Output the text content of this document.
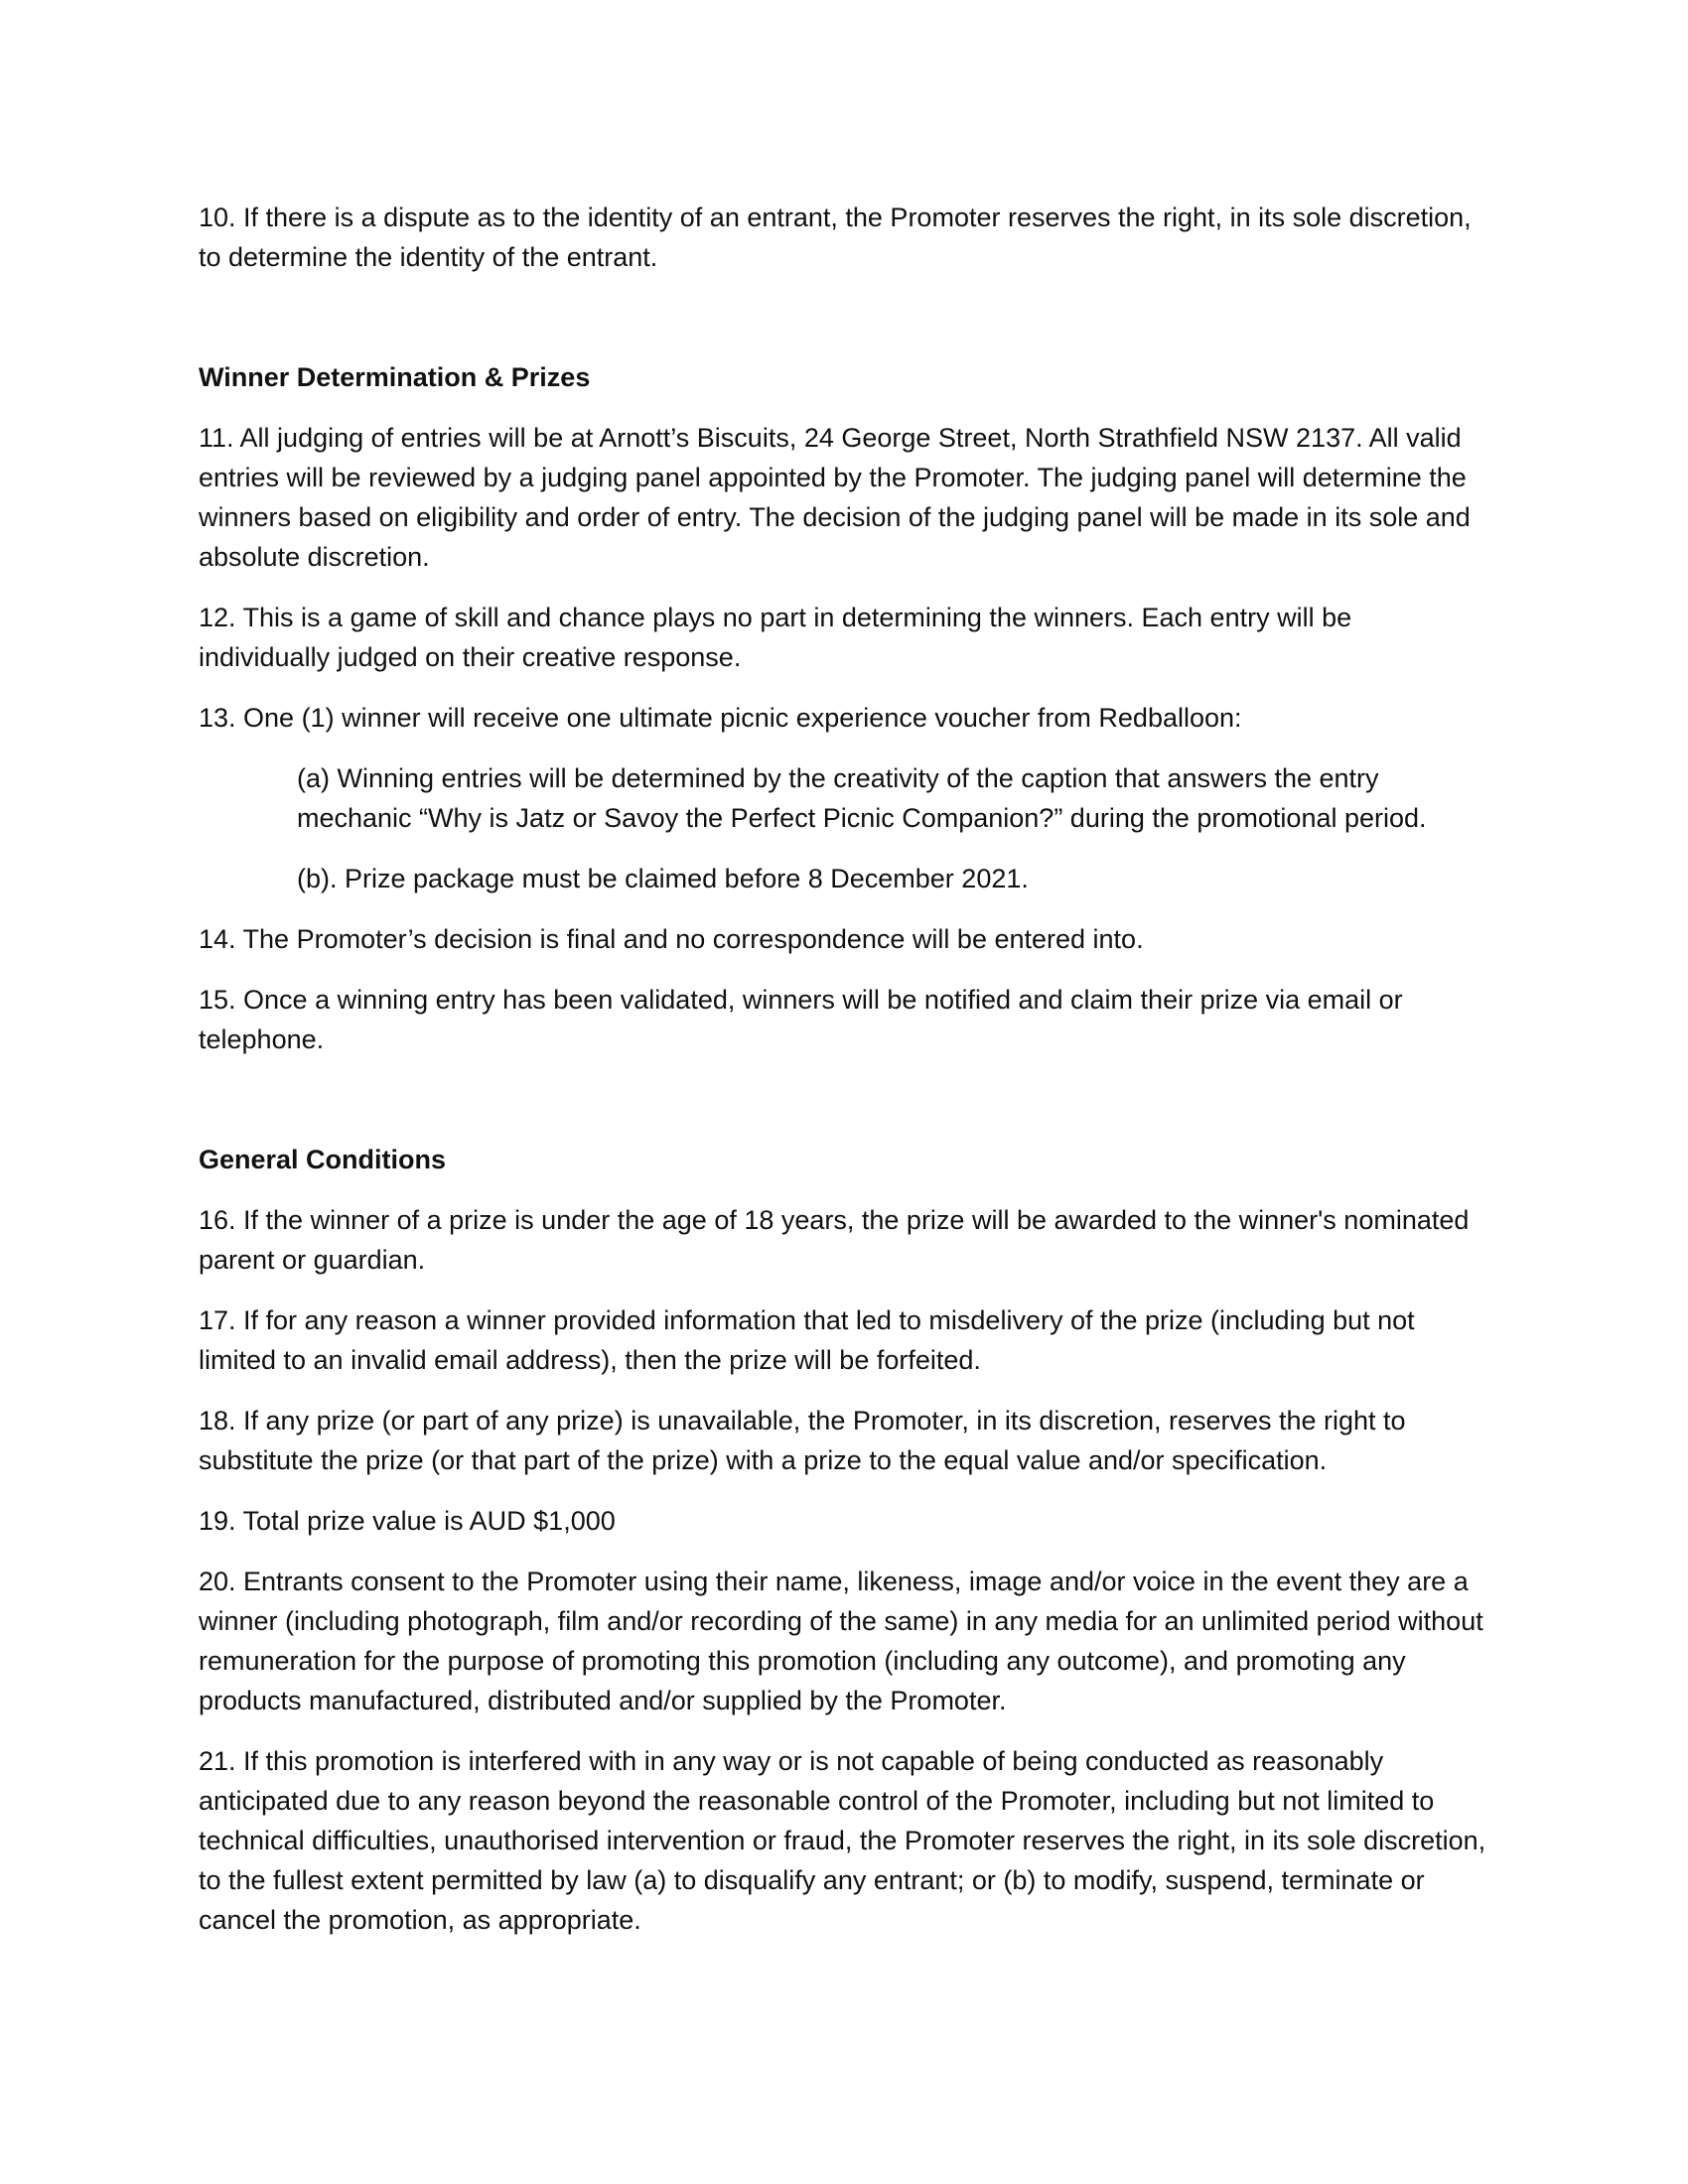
10. If there is a dispute as to the identity of an entrant, the Promoter reserves the right, in its sole discretion, to determine the identity of the entrant.

Winner Determination & Prizes

11. All judging of entries will be at Arnott’s Biscuits, 24 George Street, North Strathfield NSW 2137. All valid entries will be reviewed by a judging panel appointed by the Promoter. The judging panel will determine the winners based on eligibility and order of entry. The decision of the judging panel will be made in its sole and absolute discretion.

12. This is a game of skill and chance plays no part in determining the winners. Each entry will be individually judged on their creative response.

13. One (1) winner will receive one ultimate picnic experience voucher from Redballoon:

(a) Winning entries will be determined by the creativity of the caption that answers the entry mechanic “Why is Jatz or Savoy the Perfect Picnic Companion?” during the promotional period.

(b). Prize package must be claimed before 8 December 2021.

14. The Promoter’s decision is final and no correspondence will be entered into.

15. Once a winning entry has been validated, winners will be notified and claim their prize via email or telephone.

General Conditions

16. If the winner of a prize is under the age of 18 years, the prize will be awarded to the winner's nominated parent or guardian.

17. If for any reason a winner provided information that led to misdelivery of the prize (including but not limited to an invalid email address), then the prize will be forfeited.

18. If any prize (or part of any prize) is unavailable, the Promoter, in its discretion, reserves the right to substitute the prize (or that part of the prize) with a prize to the equal value and/or specification.

19. Total prize value is AUD $1,000

20. Entrants consent to the Promoter using their name, likeness, image and/or voice in the event they are a winner (including photograph, film and/or recording of the same) in any media for an unlimited period without remuneration for the purpose of promoting this promotion (including any outcome), and promoting any products manufactured, distributed and/or supplied by the Promoter.

21. If this promotion is interfered with in any way or is not capable of being conducted as reasonably anticipated due to any reason beyond the reasonable control of the Promoter, including but not limited to technical difficulties, unauthorised intervention or fraud, the Promoter reserves the right, in its sole discretion, to the fullest extent permitted by law (a) to disqualify any entrant; or (b) to modify, suspend, terminate or cancel the promotion, as appropriate.
